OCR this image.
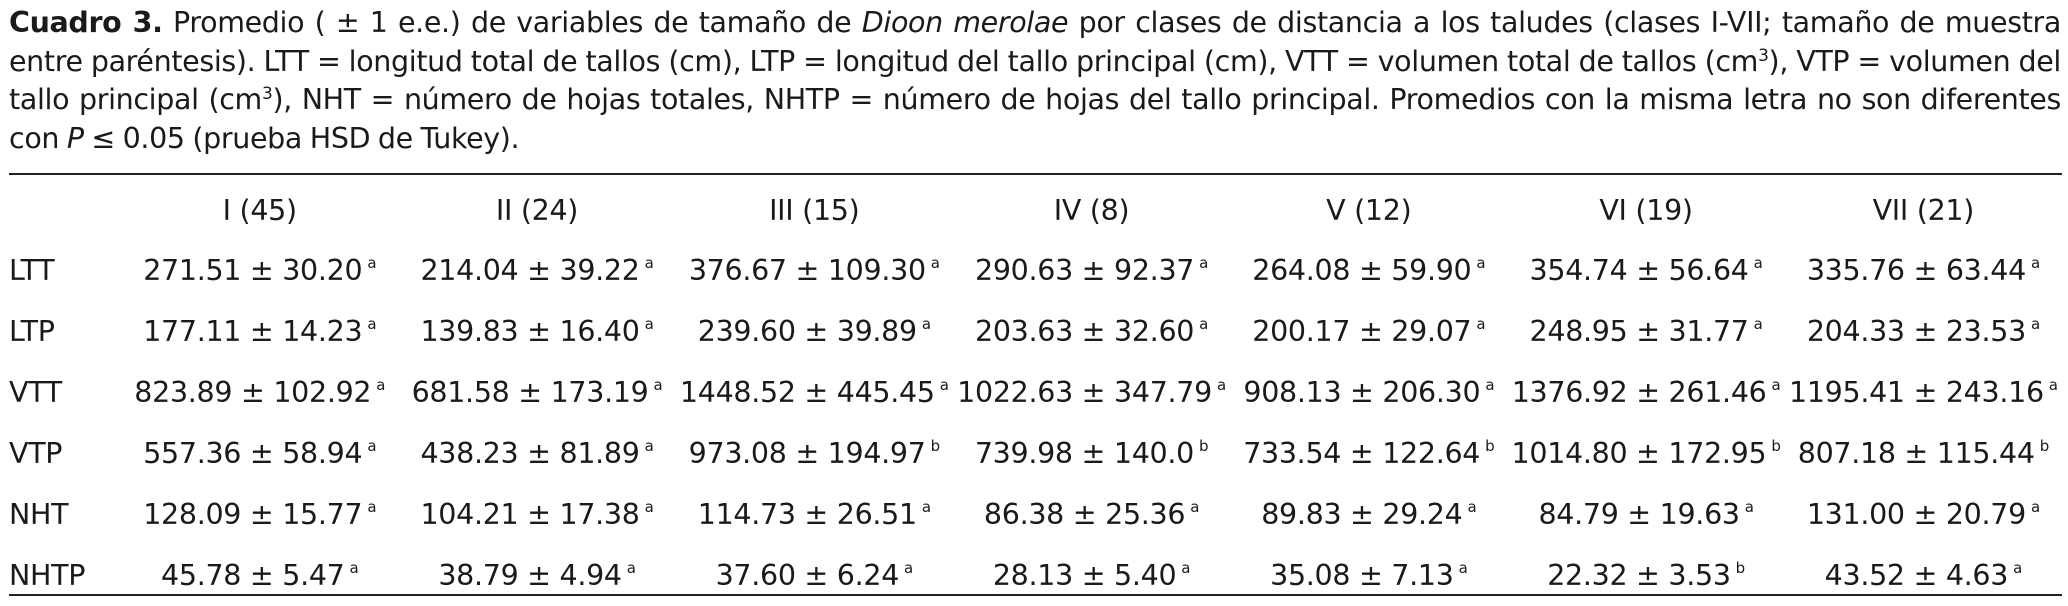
Cuadro 3. Promedio ( ± 1 e.e.) de variables de tamaño de Dioon merolae por clases de distancia a los taludes (clases I-VII; tamaño de muestra entre paréntesis). LTT = longitud total de tallos (cm), LTP = longitud del tallo principal (cm), VTT = volumen total de tallos $(cm^3)$, VTP = volumen del tallo principal $(cm^3)$, NHT = número de hojas totales, NHTP = número de hojas del tallo principal. Promedios con la misma letra no son diferentes con P ≤ 0.05 (prueba HSD de Tukey).
	I (45)	II (24)	III (15)	IV (8)	V (12)	VI (19)	VII (21)
LTT	271.51 ± 30.20 $^a$	214.04 ± 39.22 $^a$	376.67 ± 109.30 $^a$	290.63 ± 92.37 $^a$	264.08 ± 59.90 $^a$	354.74 ± 56.64 $^a$	335.76 ± 63.44 $^a$
LTP	177.11 ± 14.23 $^a$	139.83 ± 16.40 $^a$	239.60 ± 39.89 $^a$	203.63 ± 32.60 $^a$	200.17 ± 29.07 $^a$	248.95 ± 31.77 $^a$	204.33 ± 23.53 $^a$
VTT	823.89 ± 102.92 $^a$	681.58 ± 173.19 $^a$	1448.52 ± 445.45 $^a$	1022.63 ± 347.79 $^a$	908.13 ± 206.30 $^a$	1376.92 ± 261.46 $^a$	1195.41 ± 243.16 $^a$
VTP	557.36 ± 58.94 $^a$	438.23 ± 81.89 $^a$	973.08 ± 194.97 $^b$	739.98 ± 140.0 $^b$	733.54 ± 122.64 $^b$	1014.80 ± 172.95 $^b$	807.18 ± 115.44 $^b$
NHT	128.09 ± 15.77 $^a$	104.21 ± 17.38 $^a$	114.73 ± 26.51 $^a$	86.38 ± 25.36 $^a$	89.83 ± 29.24 $^a$	84.79 ± 19.63 $^a$	131.00 ± 20.79 $^a$
NHTP	45.78 ± 5.47 $^a$	38.79 ± 4.94 $^a$	37.60 ± 6.24 $^a$	28.13 ± 5.40 $^a$	35.08 ± 7.13 $^a$	22.32 ± 3.53 $^b$	43.52 ± 4.63 $^a$
